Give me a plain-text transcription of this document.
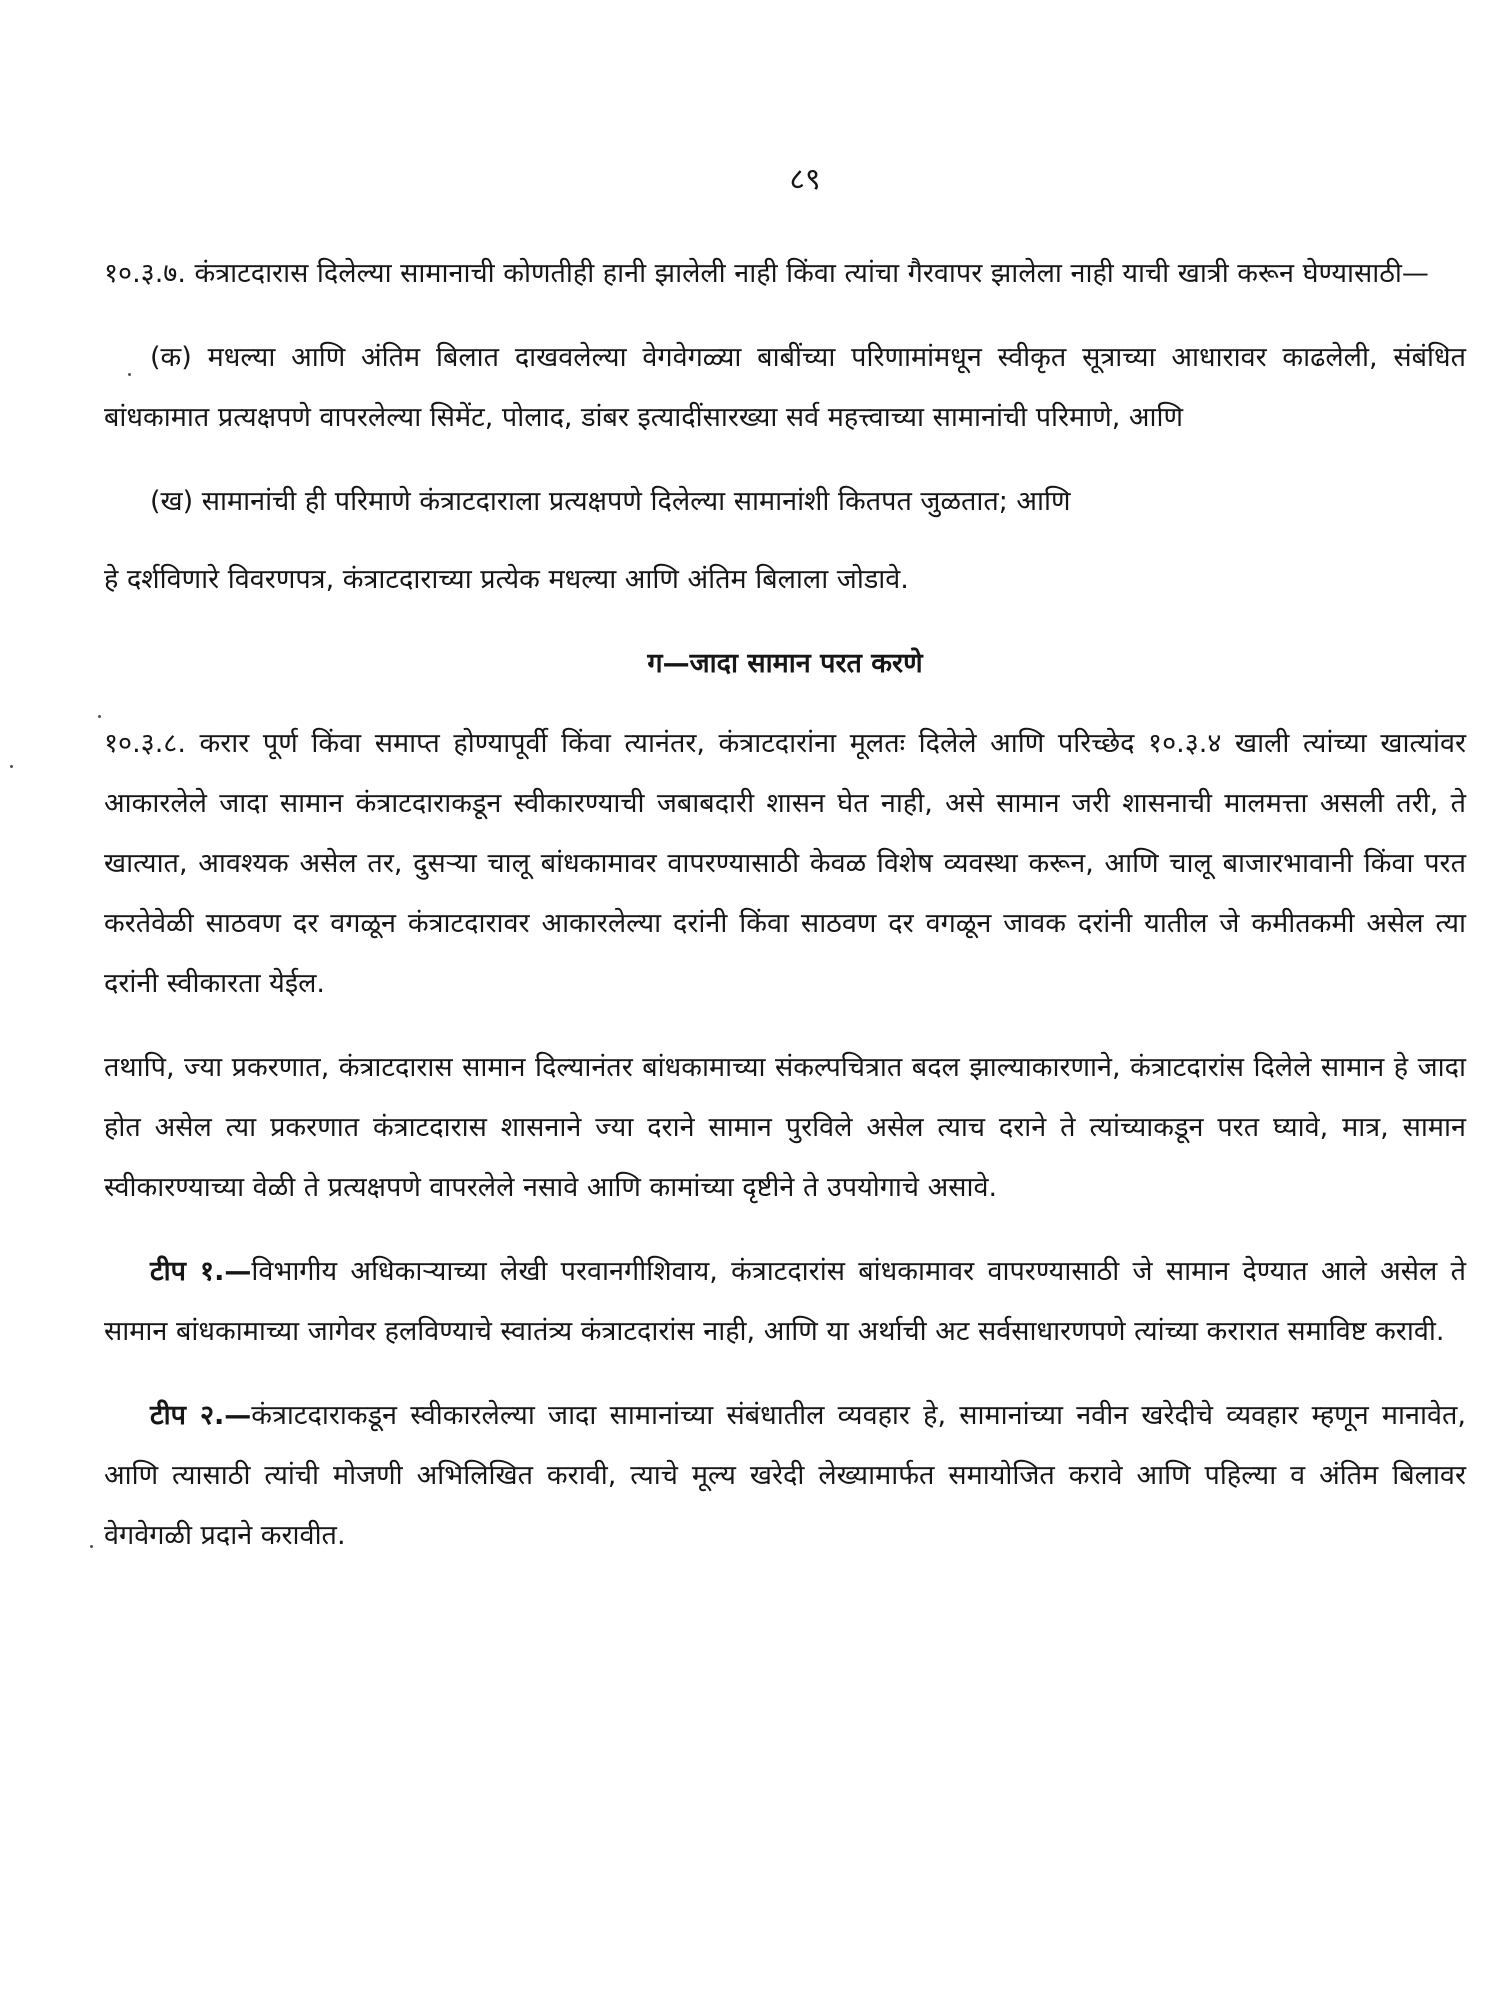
८९

१०.३.७. कंत्राटदारास दिलेल्या सामानाची कोणतीही हानी झालेली नाही किंवा त्यांचा गैरवापर झालेला नाही याची खात्री करून घेण्यासाठी—

(क) मधल्या आणि अंतिम बिलात दाखवलेल्या वेगवेगळ्या बाबींच्या परिणामांमधून स्वीकृत सूत्राच्या आधारावर काढलेली, संबंधित बांधकामात प्रत्यक्षपणे वापरलेल्या सिमेंट, पोलाद, डांबर इत्यादींसारख्या सर्व महत्त्वाच्या सामानांची परिमाणे, आणि

(ख) सामानांची ही परिमाणे कंत्राटदाराला प्रत्यक्षपणे दिलेल्या सामानांशी कितपत जुळतात; आणि

हे दर्शविणारे विवरणपत्र, कंत्राटदाराच्या प्रत्येक मधल्या आणि अंतिम बिलाला जोडावे.

ग—जादा सामान परत करणे

१०.३.८. करार पूर्ण किंवा समाप्त होण्यापूर्वी किंवा त्यानंतर, कंत्राटदारांना मूलतः दिलेले आणि परिच्छेद १०.३.४ खाली त्यांच्या खात्यांवर आकारलेले जादा सामान कंत्राटदाराकडून स्वीकारण्याची जबाबदारी शासन घेत नाही, असे सामान जरी शासनाची मालमत्ता असली तरी, ते खात्यात, आवश्यक असेल तर, दुसऱ्या चालू बांधकामावर वापरण्यासाठी केवळ विशेष व्यवस्था करून, आणि चालू बाजारभावानी किंवा परत करतेवेळी साठवण दर वगळून कंत्राटदारावर आकारलेल्या दरांनी किंवा साठवण दर वगळून जावक दरांनी यातील जे कमीतकमी असेल त्या दरांनी स्वीकारता येईल.

तथापि, ज्या प्रकरणात, कंत्राटदारास सामान दिल्यानंतर बांधकामाच्या संकल्पचित्रात बदल झाल्याकारणाने, कंत्राटदारांस दिलेले सामान हे जादा होत असेल त्या प्रकरणात कंत्राटदारास शासनाने ज्या दराने सामान पुरविले असेल त्याच दराने ते त्यांच्याकडून परत घ्यावे, मात्र, सामान स्वीकारण्याच्या वेळी ते प्रत्यक्षपणे वापरलेले नसावे आणि कामांच्या दृष्टीने ते उपयोगाचे असावे.

टीप १.—विभागीय अधिकाऱ्याच्या लेखी परवानगीशिवाय, कंत्राटदारांस बांधकामावर वापरण्यासाठी जे सामान देण्यात आले असेल ते सामान बांधकामाच्या जागेवर हलविण्याचे स्वातंत्र्य कंत्राटदारांस नाही, आणि या अर्थाची अट सर्वसाधारणपणे त्यांच्या करारात समाविष्ट करावी.

टीप २.—कंत्राटदाराकडून स्वीकारलेल्या जादा सामानांच्या संबंधातील व्यवहार हे, सामानांच्या नवीन खरेदीचे व्यवहार म्हणून मानावेत, आणि त्यासाठी त्यांची मोजणी अभिलिखित करावी, त्याचे मूल्य खरेदी लेख्यामार्फत समायोजित करावे आणि पहिल्या व अंतिम बिलावर वेगवेगळी प्रदाने करावीत.
